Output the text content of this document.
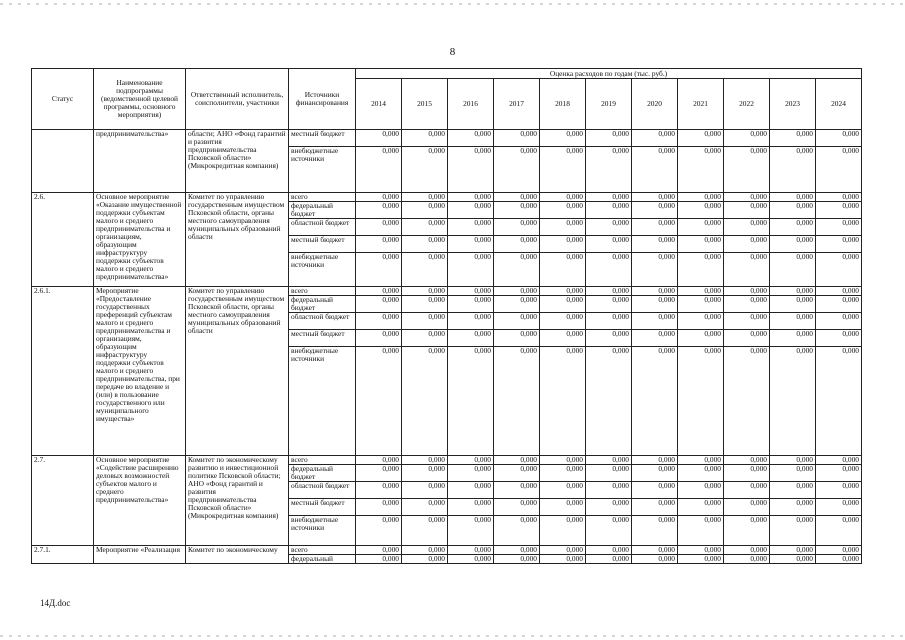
8
Статус	Наименование подпрограммы (ведомственной целевой программы, основного мероприятия)	Ответственный исполнитель, соисполнители, участники	Источники финансирования	Оценка расходов по годам (тыс. руб.)										
				2014	2015	2016	2017	2018	2019	2020	2021	2022	2023	2024
	предпринимательства»	области; АНО «Фонд гарантий и развития предпринимательства Псковской области» (Микрокредитная компания)	местный бюджет	0,000	0,000	0,000	0,000	0,000	0,000	0,000	0,000	0,000	0,000	0,000
			внебюджетные источники	0,000	0,000	0,000	0,000	0,000	0,000	0,000	0,000	0,000	0,000	0,000
2.6.	Основное мероприятие «Оказание имущественной поддержки субъектам малого и среднего предпринимательства и организациям, образующим инфраструктуру поддержки субъектов малого и среднего предпринимательства»	Комитет по управлению государственным имуществом Псковской области, органы местного самоуправления муниципальных образований области	всего	0,000	0,000	0,000	0,000	0,000	0,000	0,000	0,000	0,000	0,000	0,000
			федеральный бюджет	0,000	0,000	0,000	0,000	0,000	0,000	0,000	0,000	0,000	0,000	0,000
			областной бюджет	0,000	0,000	0,000	0,000	0,000	0,000	0,000	0,000	0,000	0,000	0,000
			местный бюджет	0,000	0,000	0,000	0,000	0,000	0,000	0,000	0,000	0,000	0,000	0,000
			внебюджетные источники	0,000	0,000	0,000	0,000	0,000	0,000	0,000	0,000	0,000	0,000	0,000
2.6.1.	Мероприятие «Предоставление государственных преференций субъектам малого и среднего предпринимательства и организациям, образующим инфраструктуру поддержки субъектов малого и среднего предпринимательства, при передаче во владение и (или) в пользование государственного или муниципального имущества»	Комитет по управлению государственным имуществом Псковской области, органы местного самоуправления муниципальных образований области	всего	0,000	0,000	0,000	0,000	0,000	0,000	0,000	0,000	0,000	0,000	0,000
			федеральный бюджет	0,000	0,000	0,000	0,000	0,000	0,000	0,000	0,000	0,000	0,000	0,000
			областной бюджет	0,000	0,000	0,000	0,000	0,000	0,000	0,000	0,000	0,000	0,000	0,000
			местный бюджет	0,000	0,000	0,000	0,000	0,000	0,000	0,000	0,000	0,000	0,000	0,000
			внебюджетные источники	0,000	0,000	0,000	0,000	0,000	0,000	0,000	0,000	0,000	0,000	0,000
2.7.	Основное мероприятие «Содействие расширению деловых возможностей субъектов малого и среднего предпринимательства»	Комитет по экономическому развитию и инвестиционной политике Псковской области; АНО «Фонд гарантий и развития предпринимательства Псковской области» (Микрокредитная компания)	всего	0,000	0,000	0,000	0,000	0,000	0,000	0,000	0,000	0,000	0,000	0,000
			федеральный бюджет	0,000	0,000	0,000	0,000	0,000	0,000	0,000	0,000	0,000	0,000	0,000
			областной бюджет	0,000	0,000	0,000	0,000	0,000	0,000	0,000	0,000	0,000	0,000	0,000
			местный бюджет	0,000	0,000	0,000	0,000	0,000	0,000	0,000	0,000	0,000	0,000	0,000
			внебюджетные источники	0,000	0,000	0,000	0,000	0,000	0,000	0,000	0,000	0,000	0,000	0,000
2.7.1.	Мероприятие «Реализация	Комитет по экономическому	всего	0,000	0,000	0,000	0,000	0,000	0,000	0,000	0,000	0,000	0,000	0,000
			федеральный	0,000	0,000	0,000	0,000	0,000	0,000	0,000	0,000	0,000	0,000	0,000
14Д.doc
